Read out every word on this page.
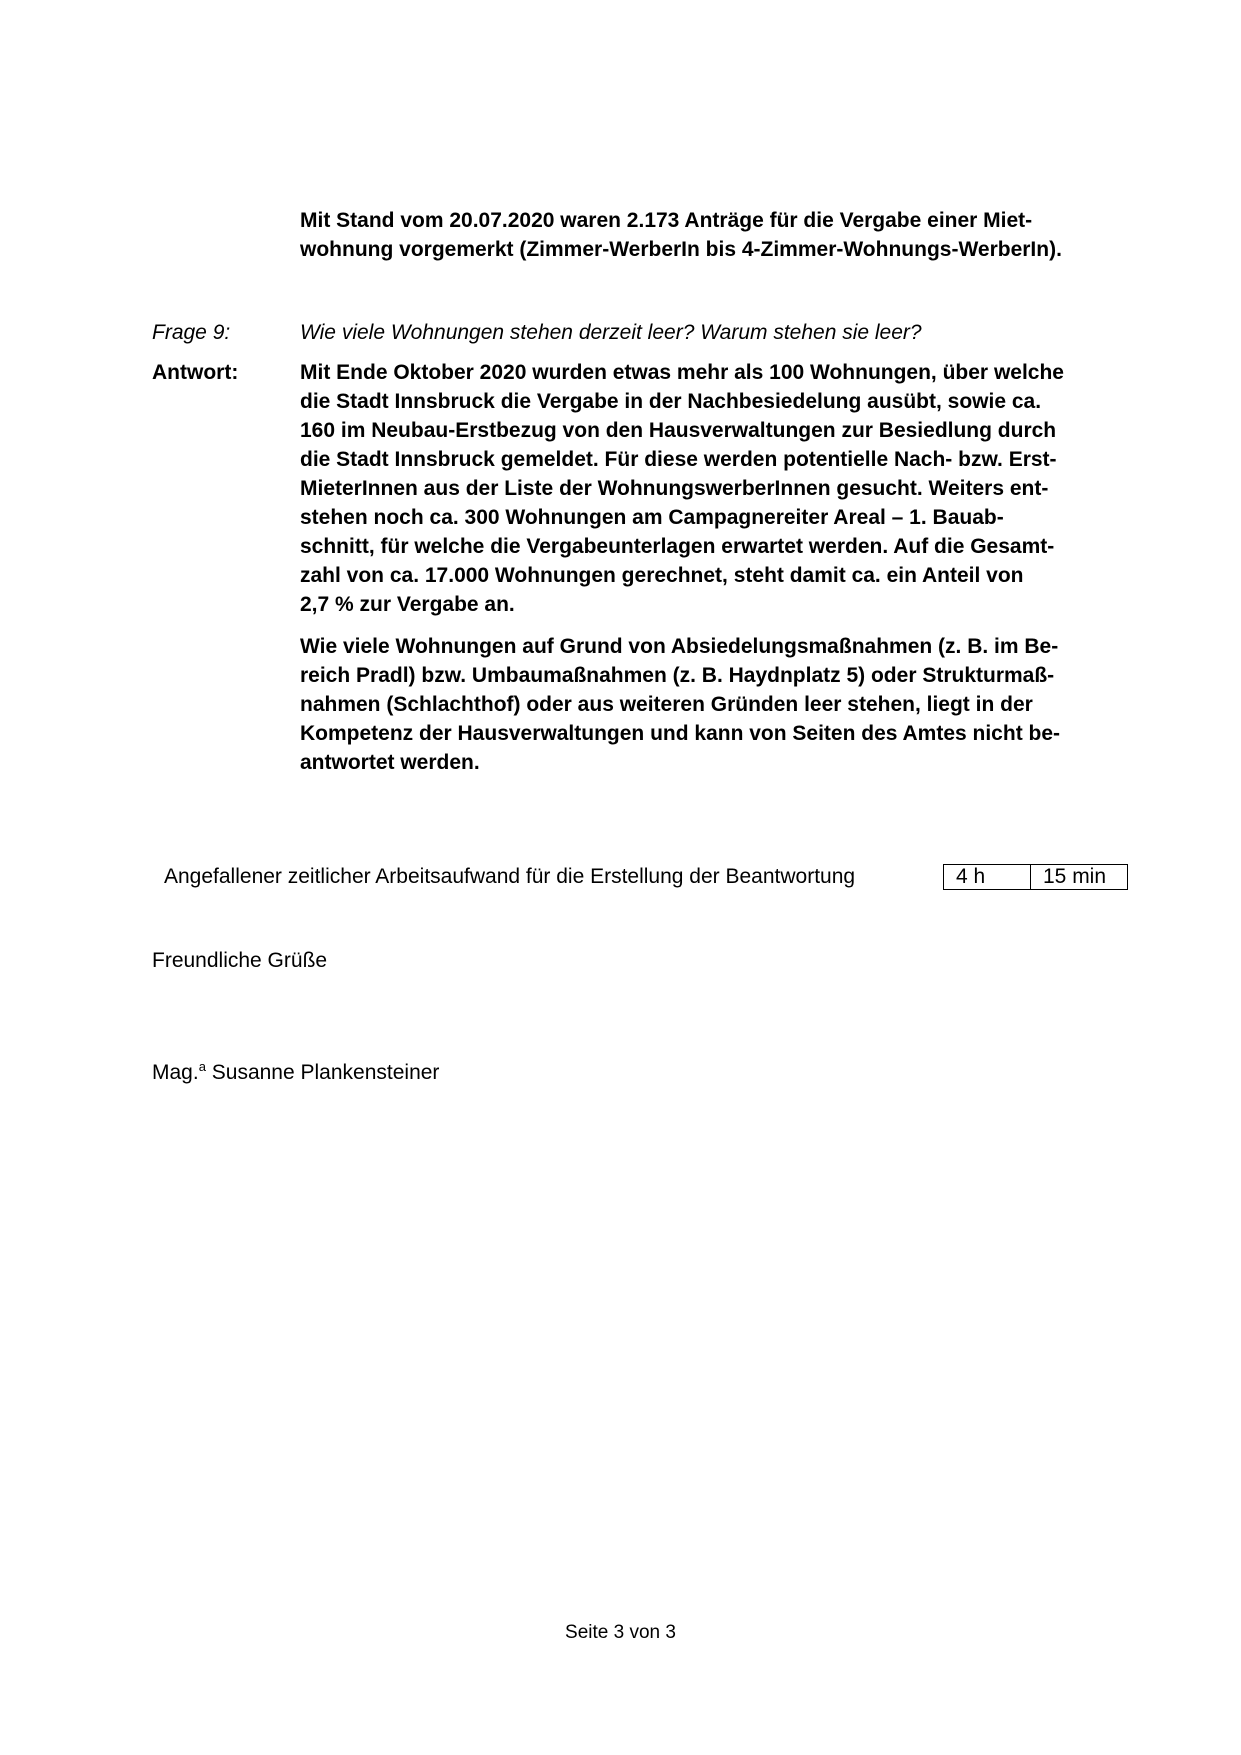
Mit Stand vom 20.07.2020 waren 2.173 Anträge für die Vergabe einer Miet-
wohnung vorgemerkt (Zimmer-WerberIn bis 4-Zimmer-Wohnungs-WerberIn).
Frage 9:	Wie viele Wohnungen stehen derzeit leer? Warum stehen sie leer?
Antwort:	Mit Ende Oktober 2020 wurden etwas mehr als 100 Wohnungen, über welche
die Stadt Innsbruck die Vergabe in der Nachbesiedelung ausübt, sowie ca.
160 im Neubau-Erstbezug von den Hausverwaltungen zur Besiedlung durch
die Stadt Innsbruck gemeldet. Für diese werden potentielle Nach- bzw. Erst-
MieterInnen aus der Liste der WohnungswerberInnen gesucht. Weiters ent-
stehen noch ca. 300 Wohnungen am Campagnereiter Areal – 1. Bauab-
schnitt, für welche die Vergabeunterlagen erwartet werden. Auf die Gesamt-
zahl von ca. 17.000 Wohnungen gerechnet, steht damit ca. ein Anteil von
2,7 % zur Vergabe an.
Wie viele Wohnungen auf Grund von Absiedelungsmaßnahmen (z. B. im Be-
reich Pradl) bzw. Umbaumaßnahmen (z. B. Haydnplatz 5) oder Strukturmaß-
nahmen (Schlachthof) oder aus weiteren Gründen leer stehen, liegt in der
Kompetenz der Hausverwaltungen und kann von Seiten des Amtes nicht be-
antwortet werden.
Angefallener zeitlicher Arbeitsaufwand für die Erstellung der Beantwortung	4 h	15 min
Freundliche Grüße
Mag.$^a$ Susanne Plankensteiner
Seite 3 von 3
